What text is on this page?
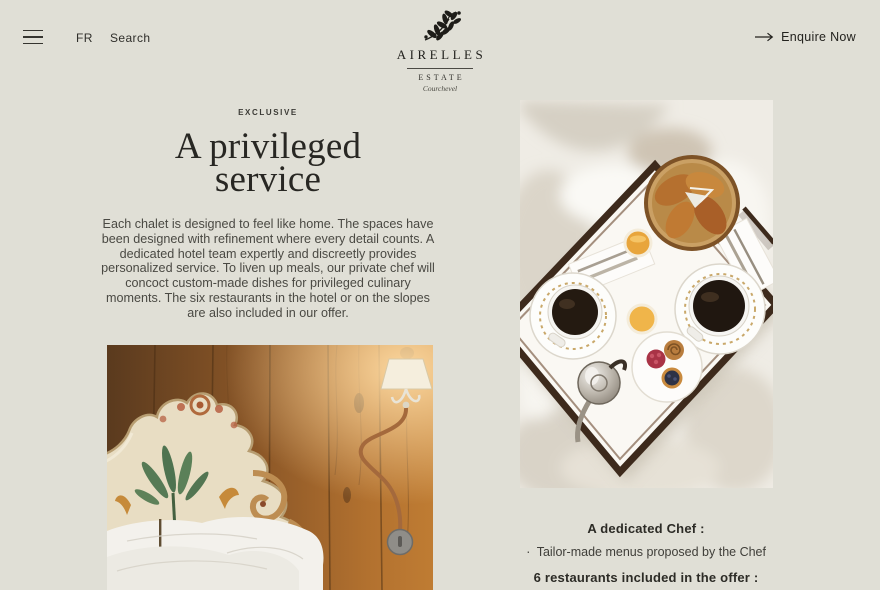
FR Search
AIRELLES
ESTATE
Courchevel
Enquire Now
EXCLUSIVE
A privileged
service

Each chalet is designed to feel like home. The spaces have been designed with refinement where every detail counts. A dedicated hotel team expertly and discreetly provides personalized service. To liven up meals, our private chef will concoct custom-made dishes for privileged culinary moments. The six restaurants in the hotel or on the slopes are also included in our offer.

A dedicated Chef :
· Tailor-made menus proposed by the Chef
6 restaurants included in the offer :
